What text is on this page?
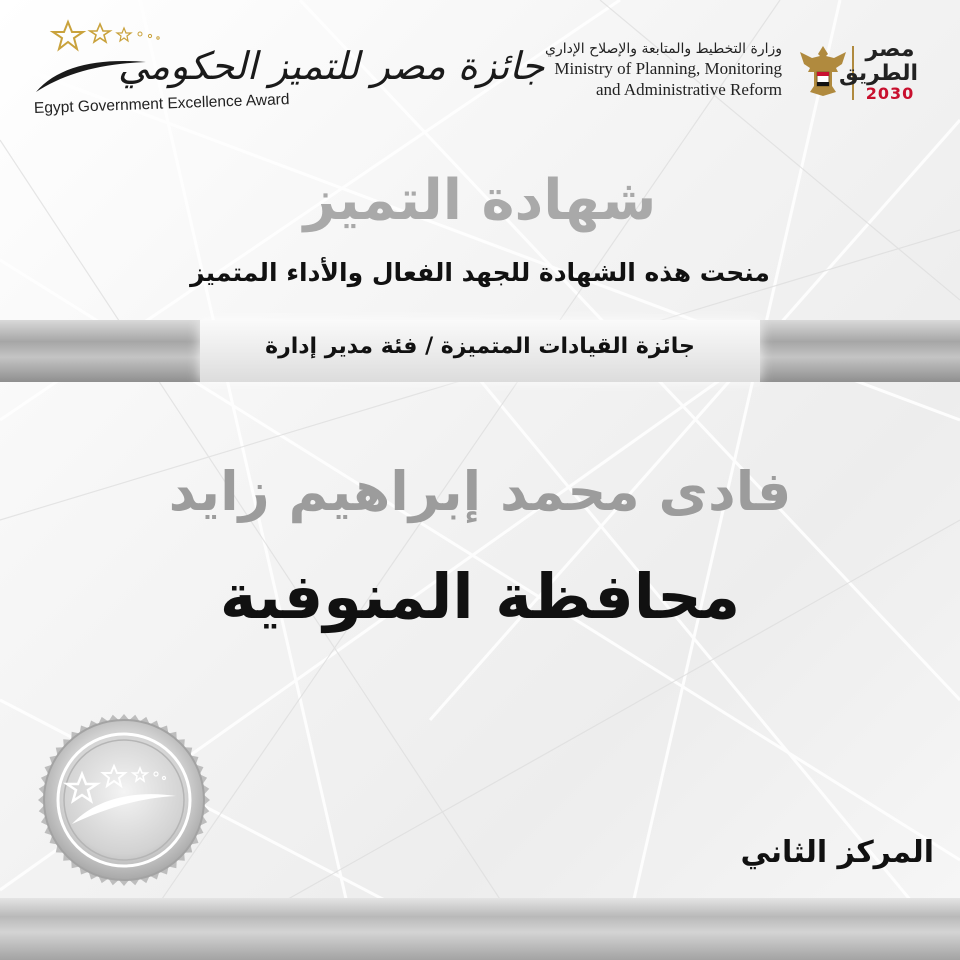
جائزة مصر للتميز الحكومي
Egypt Government Excellence Award
وزارة التخطيط والمتابعة والإصلاح الإداري
Ministry of Planning, Monitoring
and Administrative Reform
مصر الطريق
2030
شهادة التميز
منحت هذه الشهادة للجهد الفعال والأداء المتميز
جائزة القيادات المتميزة / فئة مدير إدارة
فادى محمد إبراهيم زايد
محافظة المنوفية
المركز الثاني
